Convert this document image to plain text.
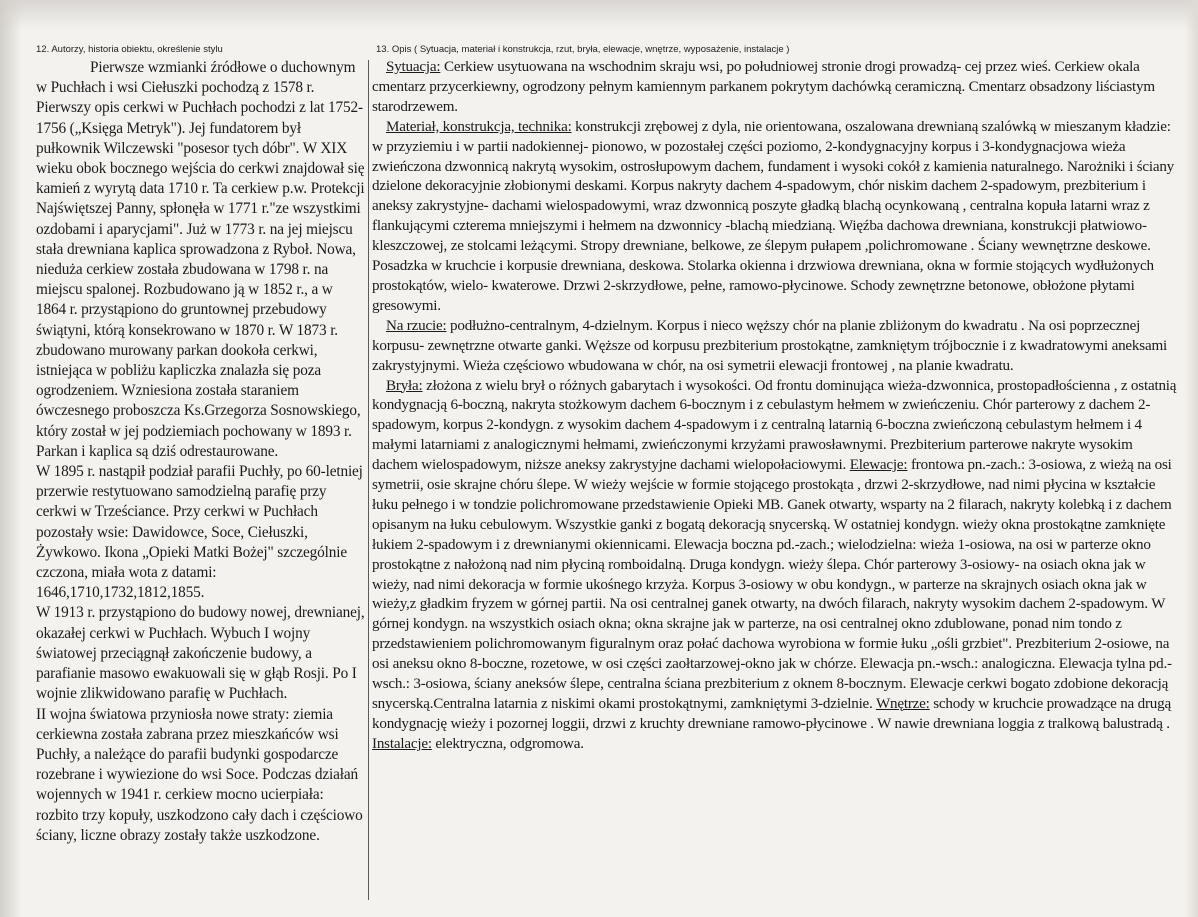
12. Autorzy, historia obiektu, określenie stylu

Pierwsze wzmianki źródłowe o duchownym w Puchłach i wsi Ciełuszki pochodzą z 1578 r. Pierwszy opis cerkwi w Puchłach pochodzi z lat 1752-1756 („Księga Metryk"). Jej fundatorem był pułkownik Wilczewski "posesor tych dóbr". W XIX wieku obok bocznego wejścia do cerkwi znajdował się kamień z wyrytą data 1710 r. Ta cerkiew p.w. Protekcji Najświętszej Panny, spłonęła w 1771 r."ze wszystkimi ozdobami i aparycjami". Już w 1773 r. na jej miejscu stała drewniana kaplica sprowadzona z Ryboł. Nowa, nieduża cerkiew została zbudowana w 1798 r. na miejscu spalonej. Rozbudowano ją w 1852 r., a w 1864 r. przystąpiono do gruntownej przebudowy świątyni, którą konsekrowano w 1870 r. W 1873 r. zbudowano murowany parkan dookoła cerkwi, istniejąca w pobliżu kapliczka znalazła się poza ogrodzeniem. Wzniesiona została staraniem ówczesnego proboszcza Ks.Grzegorza Sosnowskiego, który został w jej podziemiach pochowany w 1893 r. Parkan i kaplica są dziś odrestaurowane.

W 1895 r. nastąpił podział parafii Puchły, po 60-letniej przerwie restytuowano samodzielną parafię przy cerkwi w Trześciance. Przy cerkwi w Puchłach pozostały wsie: Dawidowce, Soce, Ciełuszki, Żywkowo. Ikona „Opieki Matki Bożej" szczególnie czczona, miała wota z datami: 1646,1710,1732,1812,1855.

W 1913 r. przystąpiono do budowy nowej, drewnianej, okazałej cerkwi w Puchłach. Wybuch I wojny światowej przeciągnął zakończenie budowy, a parafianie masowo ewakuowali się w głąb Rosji. Po I wojnie zlikwidowano parafię w Puchłach.

II wojna światowa przyniosła nowe straty: ziemia cerkiewna została zabrana przez mieszkańców wsi Puchły, a należące do parafii budynki gospodarcze rozebrane i wywiezione do wsi Soce. Podczas działań wojennych w 1941 r. cerkiew mocno ucierpiała: rozbito trzy kopuły, uszkodzono cały dach i częściowo ściany, liczne obrazy zostały także uszkodzone.

13. Opis ( Sytuacja, materiał i konstrukcja, rzut, bryła, elewacje, wnętrze, wyposażenie, instalacje )

Sytuacja: Cerkiew usytuowana na wschodnim skraju wsi, po południowej stronie drogi prowadzą- cej przez wieś. Cerkiew okala cmentarz przycerkiewny, ogrodzony pełnym kamiennym parkanem pokrytym dachówką ceramiczną. Cmentarz obsadzony liściastym starodrzewem.

Materiał, konstrukcja, technika: konstrukcji zrębowej z dyla, nie orientowana, oszalowana drewnianą szalówką w mieszanym kładzie: w przyziemiu i w partii nadokiennej- pionowo, w pozostałej części poziomo, 2-kondygnacyjny korpus i 3-kondygnacjowa wieża zwieńczona dzwonnicą nakrytą wysokim, ostrosłupowym dachem, fundament i wysoki cokół z kamienia naturalnego. Narożniki i ściany dzielone dekoracyjnie złobionymi deskami. Korpus nakryty dachem 4-spadowym, chór niskim dachem 2-spadowym, prezbiterium i aneksy zakrystyjne- dachami wielospadowymi, wraz dzwonnicą poszyte gładką blachą ocynkowaną , centralna kopuła latarni wraz z flankującymi czterema mniejszymi i hełmem na dzwonnicy -blachą miedzianą. Więźba dachowa drewniana, konstrukcji płatwiowo-kleszczowej, ze stolcami leżącymi. Stropy drewniane, belkowe, ze ślepym pułapem ,polichromowane . Ściany wewnętrzne deskowe. Posadzka w kruchcie i korpusie drewniana, deskowa. Stolarka okienna i drzwiowa drewniana, okna w formie stojących wydłużonych prostokątów, wielo- kwaterowe. Drzwi 2-skrzydłowe, pełne, ramowo-płycinowe. Schody zewnętrzne betonowe, obłożone płytami gresowymi.

Na rzucie: podłużno-centralnym, 4-dzielnym. Korpus i nieco węższy chór na planie zbliżonym do kwadratu . Na osi poprzecznej korpusu- zewnętrzne otwarte ganki. Węższe od korpusu prezbiterium prostokątne, zamkniętym trójbocznie i z kwadratowymi aneksami zakrystyjnymi. Wieża częściowo wbudowana w chór, na osi symetrii elewacji frontowej , na planie kwadratu.

Bryła: złożona z wielu brył o różnych gabarytach i wysokości. Od frontu dominująca wieża-dzwonnica, prostopadłościenna , z ostatnią kondygnacją 6-boczną, nakryta stożkowym dachem 6-bocznym i z cebulastym hełmem w zwieńczeniu. Chór parterowy z dachem 2-spadowym, korpus 2-kondygn. z wysokim dachem 4-spadowym i z centralną latarnią 6-boczna zwieńczoną cebulastym hełmem i 4 małymi latarniami z analogicznymi hełmami, zwieńczonymi krzyżami prawosławnymi. Prezbiterium parterowe nakryte wysokim dachem wielospadowym, niższe aneksy zakrystyjne dachami wielopołaciowymi. Elewacje: frontowa pn.-zach.: 3-osiowa, z wieżą na osi symetrii, osie skrajne chóru ślepe. W wieży wejście w formie stojącego prostokąta , drzwi 2-skrzydłowe, nad nimi płycina w kształcie łuku pełnego i w tondzie polichromowane przedstawienie Opieki MB. Ganek otwarty, wsparty na 2 filarach, nakryty kolebką i z dachem opisanym na łuku cebulowym. Wszystkie ganki z bogatą dekoracją snycerską. W ostatniej kondygn. wieży okna prostokątne zamknięte łukiem 2-spadowym i z drewnianymi okiennicami. Elewacja boczna pd.-zach.; wielodzielna: wieża 1-osiowa, na osi w parterze okno prostokątne z nałożoną nad nim płyciną romboidalną. Druga kondygn. wieży ślepa. Chór parterowy 3-osiowy- na osiach okna jak w wieży, nad nimi dekoracja w formie ukośnego krzyża. Korpus 3-osiowy w obu kondygn., w parterze na skrajnych osiach okna jak w wieży,z gładkim fryzem w górnej partii. Na osi centralnej ganek otwarty, na dwóch filarach, nakryty wysokim dachem 2-spadowym. W górnej kondygn. na wszystkich osiach okna; okna skrajne jak w parterze, na osi centralnej okno zdublowane, ponad nim tondo z przedstawieniem polichromowanym figuralnym oraz połać dachowa wyrobiona w formie łuku „ośli grzbiet". Prezbiterium 2-osiowe, na osi aneksu okno 8-boczne, rozetowe, w osi części zaołtarzowej-okno jak w chórze. Elewacja pn.-wsch.: analogiczna. Elewacja tylna pd.-wsch.: 3-osiowa, ściany aneksów ślepe, centralna ściana prezbiterium z oknem 8-bocznym. Elewacje cerkwi bogato zdobione dekoracją snycerską.Centralna latarnia z niskimi okami prostokątnymi, zamkniętymi 3-dzielnie. Wnętrze: schody w kruchcie prowadzące na drugą kondygnację wieży i pozornej loggii, drzwi z kruchty drewniane ramowo-płycinowe . W nawie drewniana loggia z tralkową balustradą . Instalacje: elektryczna, odgromowa.
